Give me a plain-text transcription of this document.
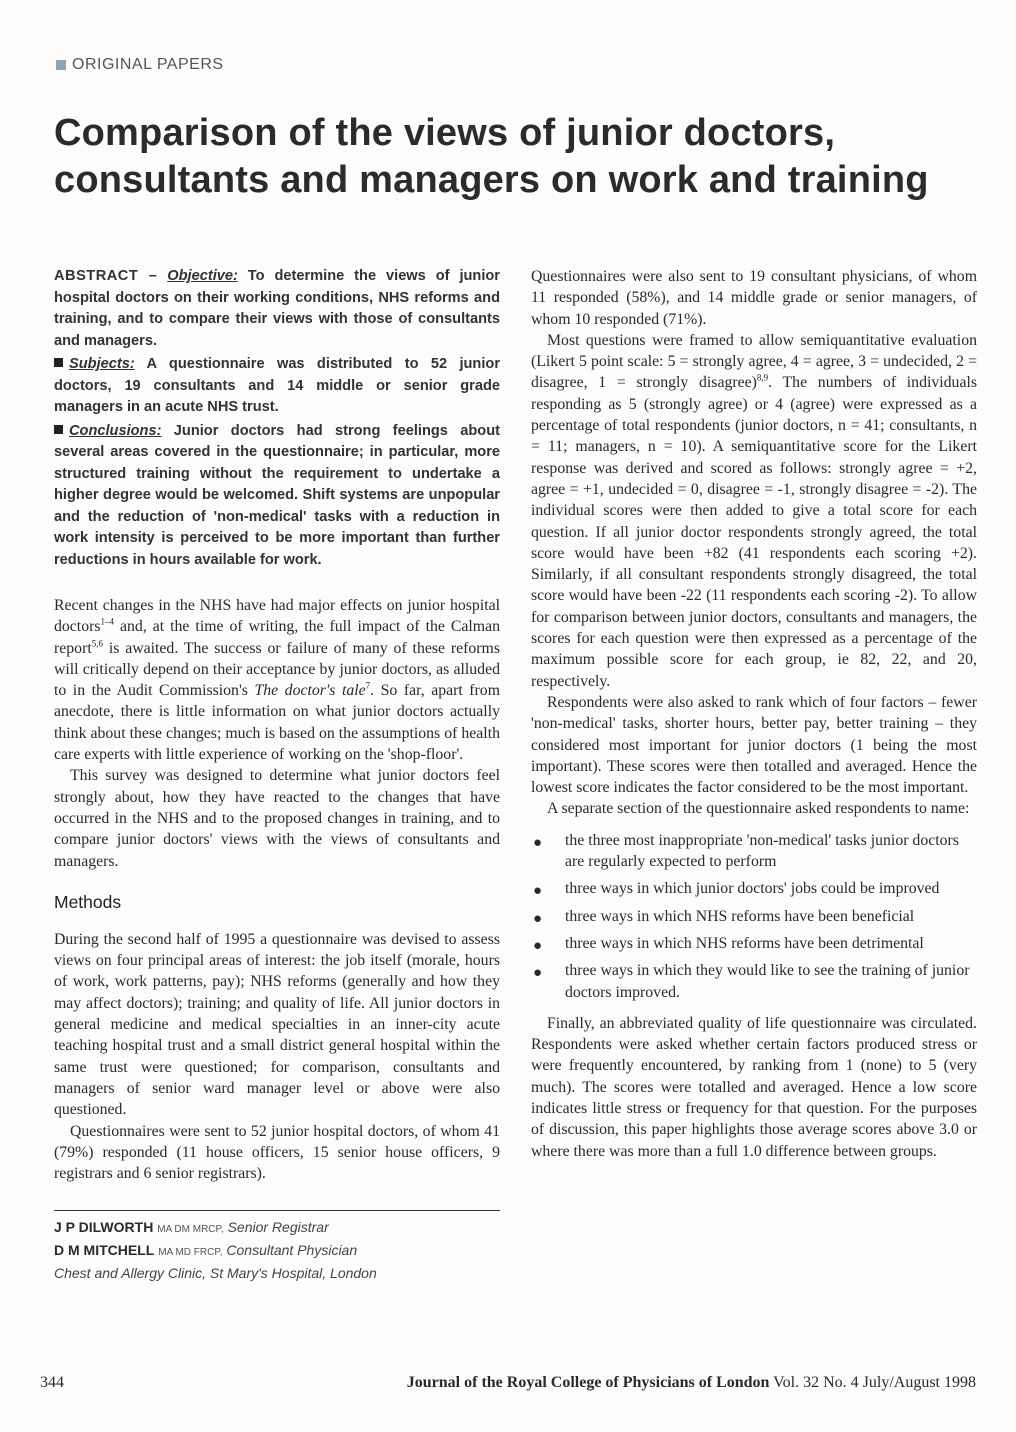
ORIGINAL PAPERS
Comparison of the views of junior doctors, consultants and managers on work and training

ABSTRACT – Objective: To determine the views of junior hospital doctors on their working conditions, NHS reforms and training, and to compare their views with those of consultants and managers.

Subjects: A questionnaire was distributed to 52 junior doctors, 19 consultants and 14 middle or senior grade managers in an acute NHS trust.

Conclusions: Junior doctors had strong feelings about several areas covered in the questionnaire; in particular, more structured training without the requirement to undertake a higher degree would be welcomed. Shift systems are unpopular and the reduction of 'non-medical' tasks with a reduction in work intensity is perceived to be more important than further reductions in hours available for work.

Recent changes in the NHS have had major effects on junior hospital doctors$^{1-4}$ and, at the time of writing, the full impact of the Calman report$^{5,6}$ is awaited. The success or failure of many of these reforms will critically depend on their acceptance by junior doctors, as alluded to in the Audit Commission's The doctor's tale$^7$. So far, apart from anecdote, there is little information on what junior doctors actually think about these changes; much is based on the assumptions of health care experts with little experience of working on the 'shop-floor'.

This survey was designed to determine what junior doctors feel strongly about, how they have reacted to the changes that have occurred in the NHS and to the proposed changes in training, and to compare junior doctors' views with the views of consultants and managers.

Methods

During the second half of 1995 a questionnaire was devised to assess views on four principal areas of interest: the job itself (morale, hours of work, work patterns, pay); NHS reforms (generally and how they may affect doctors); training; and quality of life. All junior doctors in general medicine and medical specialties in an inner-city acute teaching hospital trust and a small district general hospital within the same trust were questioned; for comparison, consultants and managers of senior ward manager level or above were also questioned.

Questionnaires were sent to 52 junior hospital doctors, of whom 41 (79%) responded (11 house officers, 15 senior house officers, 9 registrars and 6 senior registrars).

J P DILWORTH MA DM MRCP, Senior Registrar
D M MITCHELL MA MD FRCP, Consultant Physician
Chest and Allergy Clinic, St Mary's Hospital, London

Questionnaires were also sent to 19 consultant physicians, of whom 11 responded (58%), and 14 middle grade or senior managers, of whom 10 responded (71%).

Most questions were framed to allow semiquantitative evaluation (Likert 5 point scale: 5 = strongly agree, 4 = agree, 3 = undecided, 2 = disagree, 1 = strongly disagree)$^{8,9}$. The numbers of individuals responding as 5 (strongly agree) or 4 (agree) were expressed as a percentage of total respondents (junior doctors, n = 41; consultants, n = 11; managers, n = 10). A semiquantitative score for the Likert response was derived and scored as follows: strongly agree = +2, agree = +1, undecided = 0, disagree = -1, strongly disagree = -2). The individual scores were then added to give a total score for each question. If all junior doctor respondents strongly agreed, the total score would have been +82 (41 respondents each scoring +2). Similarly, if all consultant respondents strongly disagreed, the total score would have been -22 (11 respondents each scoring -2). To allow for comparison between junior doctors, consultants and managers, the scores for each question were then expressed as a percentage of the maximum possible score for each group, ie 82, 22, and 20, respectively.

Respondents were also asked to rank which of four factors – fewer 'non-medical' tasks, shorter hours, better pay, better training – they considered most important for junior doctors (1 being the most important). These scores were then totalled and averaged. Hence the lowest score indicates the factor considered to be the most important.

A separate section of the questionnaire asked respondents to name:

● the three most inappropriate 'non-medical' tasks junior doctors are regularly expected to perform
● three ways in which junior doctors' jobs could be improved
● three ways in which NHS reforms have been beneficial
● three ways in which NHS reforms have been detrimental
● three ways in which they would like to see the training of junior doctors improved.

Finally, an abbreviated quality of life questionnaire was circulated. Respondents were asked whether certain factors produced stress or were frequently encountered, by ranking from 1 (none) to 5 (very much). The scores were totalled and averaged. Hence a low score indicates little stress or frequency for that question. For the purposes of discussion, this paper highlights those average scores above 3.0 or where there was more than a full 1.0 difference between groups.

344	Journal of the Royal College of Physicians of London Vol. 32 No. 4 July/August 1998
